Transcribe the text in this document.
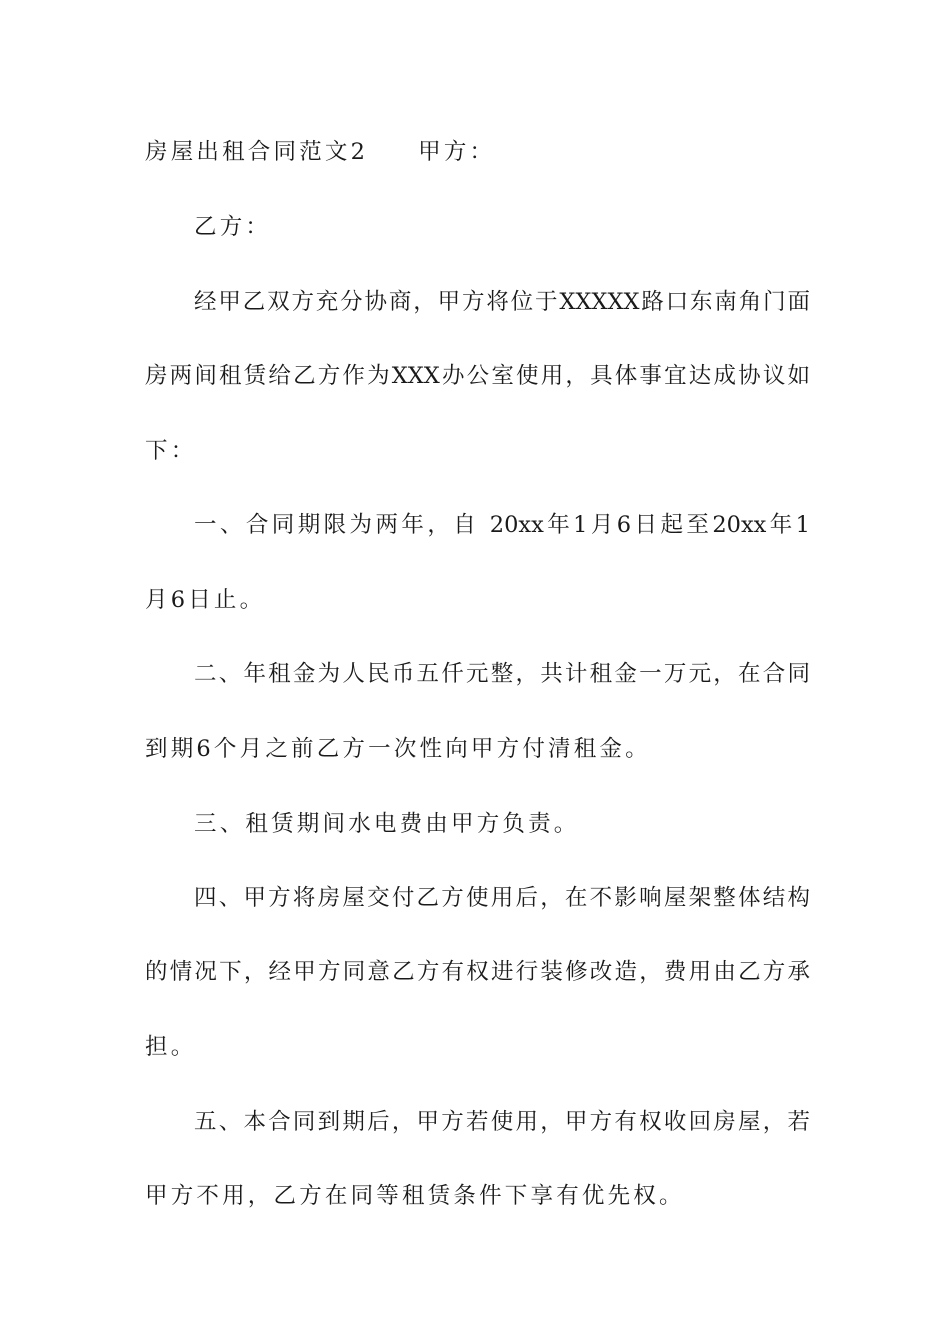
房屋出租合同范文2 甲方：
乙方：
经甲乙双方充分协商，甲方将位于XXXXX路口东南角门面
房两间租赁给乙方作为XXX办公室使用，具体事宜达成协议如
下：
一、合同期限为两年，自 20xx年1月6日起至20xx年1
月6日止。
二、年租金为人民币五仟元整，共计租金一万元，在合同
到期6个月之前乙方一次性向甲方付清租金。
三、租赁期间水电费由甲方负责。
四、甲方将房屋交付乙方使用后，在不影响屋架整体结构
的情况下，经甲方同意乙方有权进行装修改造，费用由乙方承
担。
五、本合同到期后，甲方若使用，甲方有权收回房屋，若
甲方不用，乙方在同等租赁条件下享有优先权。
